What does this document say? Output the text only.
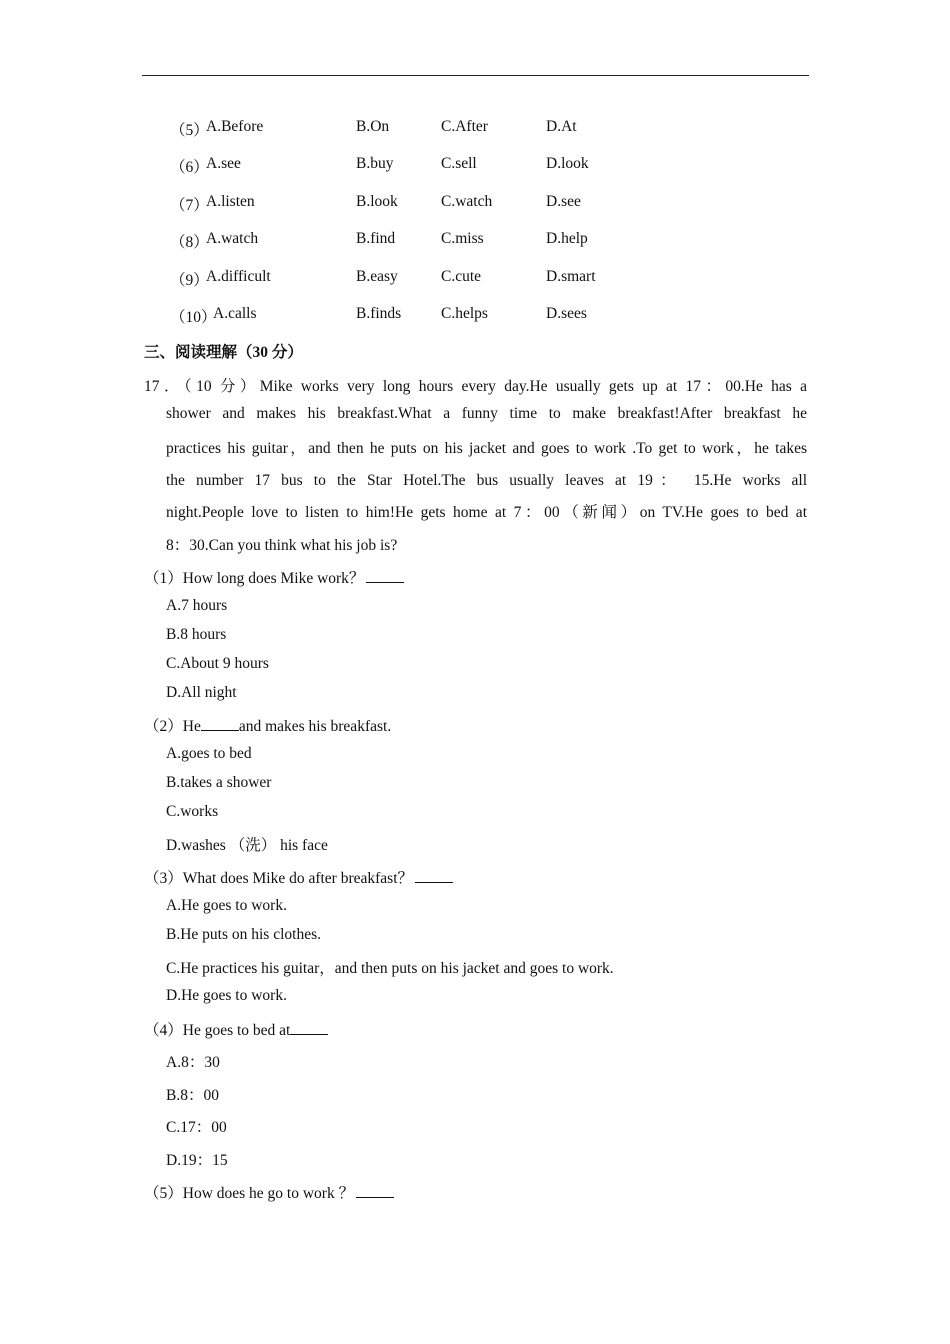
（5）
A.Before	B.On	C.After	D.At
（6）
A.see	B.buy	C.sell	D.look
（7）
A.listen	B.look	C.watch	D.see
（8）
A.watch	B.find	C.miss	D.help
（9）
A.difficult	B.easy	C.cute	D.smart
（10）
A.calls	B.finds	C.helps	D.sees
三、阅读理解（30 分）
17．（10 分）Mike works very long hours every day.He usually gets up at 17：00.He has a
shower and makes his breakfast.What a funny time to make breakfast!After breakfast he
practices his guitar，and then he puts on his jacket and goes to work .To get to work，he takes
the number 17 bus to the Star Hotel.The bus usually leaves at 19： 15.He works all
night.People love to listen to him!He gets home at 7：00（新闻）on TV.He goes to bed at
8：30.Can you think what his job is?
（1）How long does Mike work？
A.7 hours
B.8 hours
C.About 9 hours
D.All night
（2）He and makes his breakfast.
A.goes to bed
B.takes a shower
C.works
D.washes （洗） his face
（3）What does Mike do after breakfast？
A.He goes to work.
B.He puts on his clothes.
C.He practices his guitar，and then puts on his jacket and goes to work.
D.He goes to work.
（4）He goes to bed at
A.8：30
B.8：00
C.17：00
D.19：15
（5）How does he go to work ？
